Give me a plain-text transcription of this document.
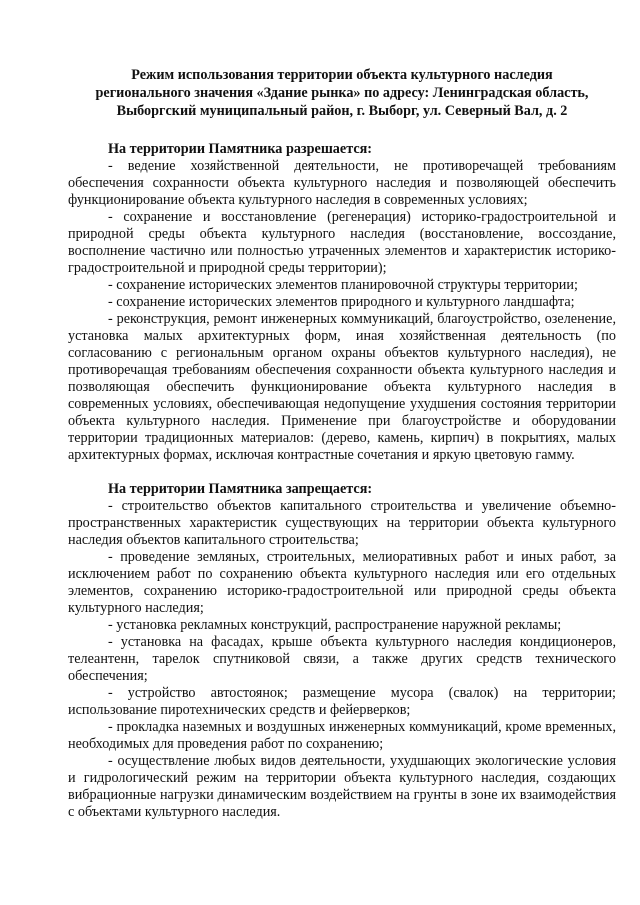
Режим использования территории объекта культурного наследия
регионального значения «Здание рынка» по адресу: Ленинградская область,
Выборгский муниципальный район, г. Выборг, ул. Северный Вал, д. 2

На территории Памятника разрешается:

- ведение хозяйственной деятельности, не противоречащей требованиям обеспечения сохранности объекта культурного наследия и позволяющей обеспечить функционирование объекта культурного наследия в современных условиях;

- сохранение и восстановление (регенерация) историко-градостроительной и природной среды объекта культурного наследия (восстановление, воссоздание, восполнение частично или полностью утраченных элементов и характеристик историко-градостроительной и природной среды территории);

- сохранение исторических элементов планировочной структуры территории;

- сохранение исторических элементов природного и культурного ландшафта;

- реконструкция, ремонт инженерных коммуникаций, благоустройство, озеленение, установка малых архитектурных форм, иная хозяйственная деятельность (по согласованию с региональным органом охраны объектов культурного наследия), не противоречащая требованиям обеспечения сохранности объекта культурного наследия и позволяющая обеспечить функционирование объекта культурного наследия в современных условиях, обеспечивающая недопущение ухудшения состояния территории объекта культурного наследия. Применение при благоустройстве и оборудовании территории традиционных материалов: (дерево, камень, кирпич) в покрытиях, малых архитектурных формах, исключая контрастные сочетания и яркую цветовую гамму.

На территории Памятника запрещается:

- строительство объектов капитального строительства и увеличение объемно-пространственных характеристик существующих на территории объекта культурного наследия объектов капитального строительства;

- проведение земляных, строительных, мелиоративных работ и иных работ, за исключением работ по сохранению объекта культурного наследия или его отдельных элементов, сохранению историко-градостроительной или природной среды объекта культурного наследия;

- установка рекламных конструкций, распространение наружной рекламы;

- установка на фасадах, крыше объекта культурного наследия кондиционеров, телеантенн, тарелок спутниковой связи, а также других средств технического обеспечения;

- устройство автостоянок; размещение мусора (свалок) на территории; использование пиротехнических средств и фейерверков;

- прокладка наземных и воздушных инженерных коммуникаций, кроме временных, необходимых для проведения работ по сохранению;

- осуществление любых видов деятельности, ухудшающих экологические условия и гидрологический режим на территории объекта культурного наследия, создающих вибрационные нагрузки динамическим воздействием на грунты в зоне их взаимодействия с объектами культурного наследия.
